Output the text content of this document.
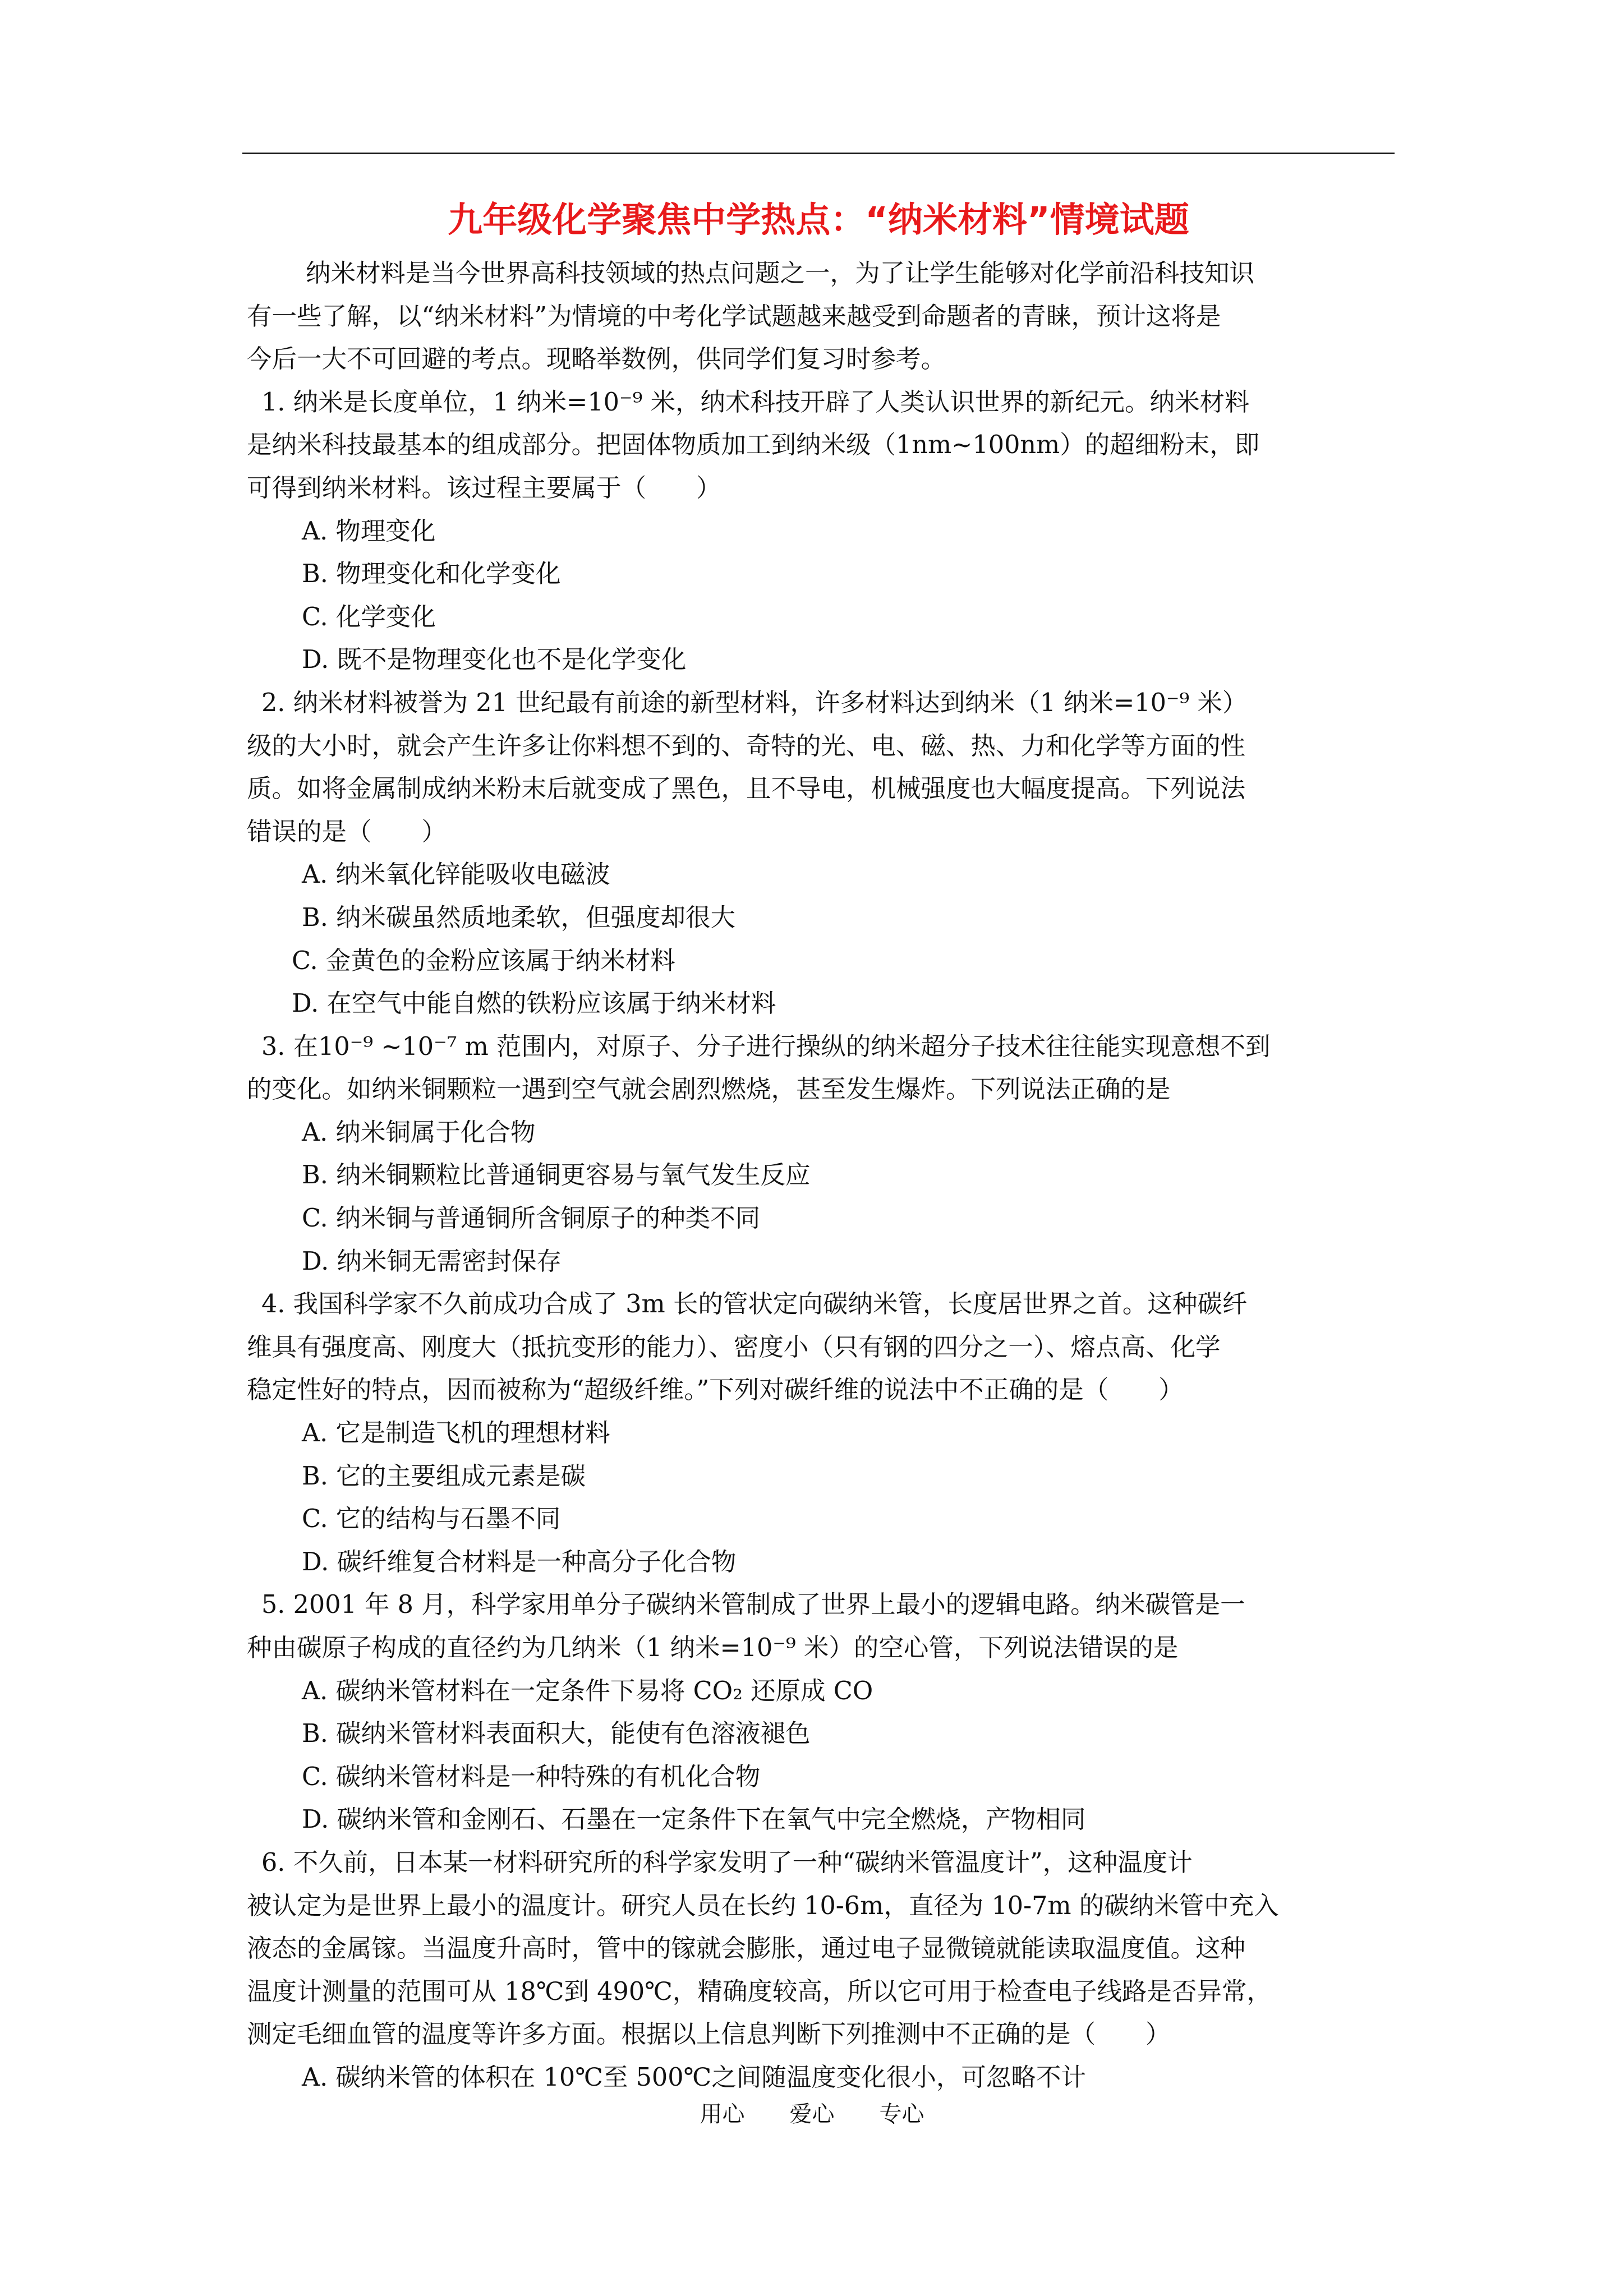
九年级化学聚焦中学热点：“纳米材料”情境试题
纳米材料是当今世界高科技领域的热点问题之一，为了让学生能够对化学前沿科技知识
有一些了解，以“纳米材料”为情境的中考化学试题越来越受到命题者的青睐，预计这将是
今后一大不可回避的考点。现略举数例，供同学们复习时参考。
1. 纳米是长度单位，1 纳米=10⁻⁹ 米，纳术科技开辟了人类认识世界的新纪元。纳米材料
是纳米科技最基本的组成部分。把固体物质加工到纳米级（1nm~100nm）的超细粉末，即
可得到纳米材料。该过程主要属于（　　）
A. 物理变化
B. 物理变化和化学变化
C. 化学变化
D. 既不是物理变化也不是化学变化
2. 纳米材料被誉为 21 世纪最有前途的新型材料，许多材料达到纳米（1 纳米=10⁻⁹ 米）
级的大小时，就会产生许多让你料想不到的、奇特的光、电、磁、热、力和化学等方面的性
质。如将金属制成纳米粉末后就变成了黑色，且不导电，机械强度也大幅度提高。下列说法
错误的是（　　）
A. 纳米氧化锌能吸收电磁波
B. 纳米碳虽然质地柔软，但强度却很大
C. 金黄色的金粉应该属于纳米材料
D. 在空气中能自燃的铁粉应该属于纳米材料
3. 在10⁻⁹ ~10⁻⁷ m 范围内，对原子、分子进行操纵的纳米超分子技术往往能实现意想不到
的变化。如纳米铜颗粒一遇到空气就会剧烈燃烧，甚至发生爆炸。下列说法正确的是
A. 纳米铜属于化合物
B. 纳米铜颗粒比普通铜更容易与氧气发生反应
C. 纳米铜与普通铜所含铜原子的种类不同
D. 纳米铜无需密封保存
4. 我国科学家不久前成功合成了 3m 长的管状定向碳纳米管，长度居世界之首。这种碳纤
维具有强度高、刚度大（抵抗变形的能力）、密度小（只有钢的四分之一）、熔点高、化学
稳定性好的特点，因而被称为“超级纤维。”下列对碳纤维的说法中不正确的是（　　）
A. 它是制造飞机的理想材料
B. 它的主要组成元素是碳
C. 它的结构与石墨不同
D. 碳纤维复合材料是一种高分子化合物
5. 2001 年 8 月，科学家用单分子碳纳米管制成了世界上最小的逻辑电路。纳米碳管是一
种由碳原子构成的直径约为几纳米（1 纳米=10⁻⁹ 米）的空心管，下列说法错误的是
A. 碳纳米管材料在一定条件下易将 CO₂ 还原成 CO
B. 碳纳米管材料表面积大，能使有色溶液褪色
C. 碳纳米管材料是一种特殊的有机化合物
D. 碳纳米管和金刚石、石墨在一定条件下在氧气中完全燃烧，产物相同
6. 不久前，日本某一材料研究所的科学家发明了一种“碳纳米管温度计”，这种温度计
被认定为是世界上最小的温度计。研究人员在长约 10-6m，直径为 10-7m 的碳纳米管中充入
液态的金属镓。当温度升高时，管中的镓就会膨胀，通过电子显微镜就能读取温度值。这种
温度计测量的范围可从 18℃到 490℃，精确度较高，所以它可用于检查电子线路是否异常，
测定毛细血管的温度等许多方面。根据以上信息判断下列推测中不正确的是（　　）
A. 碳纳米管的体积在 10℃至 500℃之间随温度变化很小，可忽略不计
用心　　爱心　　专心
